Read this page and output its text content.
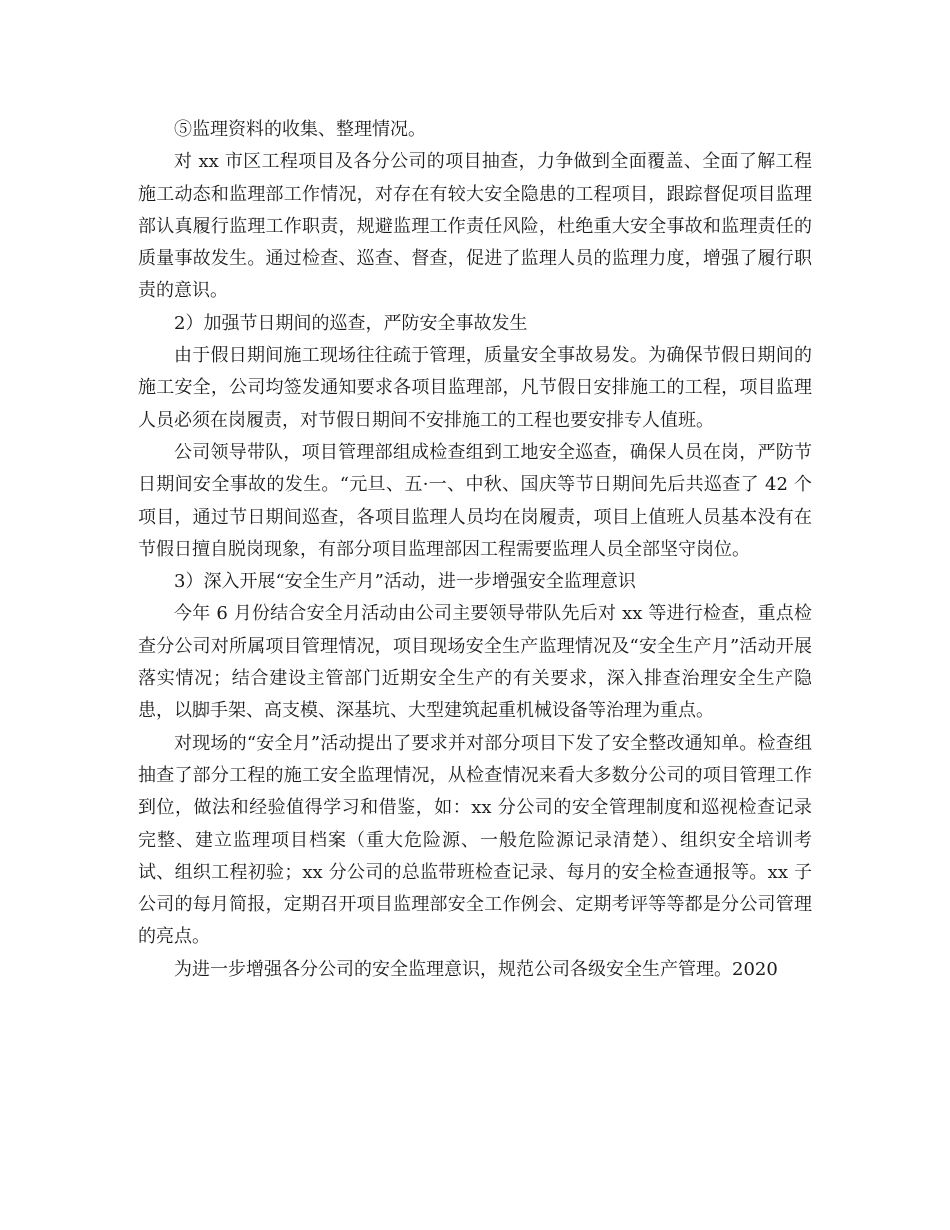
⑤监理资料的收集、整理情况。

对 xx 市区工程项目及各分公司的项目抽查，力争做到全面覆盖、全面了解工程施工动态和监理部工作情况，对存在有较大安全隐患的工程项目，跟踪督促项目监理部认真履行监理工作职责，规避监理工作责任风险，杜绝重大安全事故和监理责任的质量事故发生。通过检查、巡查、督查，促进了监理人员的监理力度，增强了履行职责的意识。

2）加强节日期间的巡查，严防安全事故发生

由于假日期间施工现场往往疏于管理，质量安全事故易发。为确保节假日期间的施工安全，公司均签发通知要求各项目监理部，凡节假日安排施工的工程，项目监理人员必须在岗履责，对节假日期间不安排施工的工程也要安排专人值班。

公司领导带队，项目管理部组成检查组到工地安全巡查，确保人员在岗，严防节日期间安全事故的发生。“元旦、五·一、中秋、国庆等节日期间先后共巡查了 42 个项目，通过节日期间巡查，各项目监理人员均在岗履责，项目上值班人员基本没有在节假日擅自脱岗现象，有部分项目监理部因工程需要监理人员全部坚守岗位。

3）深入开展“安全生产月”活动，进一步增强安全监理意识

今年 6 月份结合安全月活动由公司主要领导带队先后对 xx 等进行检查，重点检查分公司对所属项目管理情况，项目现场安全生产监理情况及“安全生产月”活动开展落实情况；结合建设主管部门近期安全生产的有关要求，深入排查治理安全生产隐患，以脚手架、高支模、深基坑、大型建筑起重机械设备等治理为重点。

对现场的“安全月”活动提出了要求并对部分项目下发了安全整改通知单。检查组抽查了部分工程的施工安全监理情况，从检查情况来看大多数分公司的项目管理工作到位，做法和经验值得学习和借鉴，如：xx 分公司的安全管理制度和巡视检查记录完整、建立监理项目档案（重大危险源、一般危险源记录清楚）、组织安全培训考试、组织工程初验；xx 分公司的总监带班检查记录、每月的安全检查通报等。xx 子公司的每月简报，定期召开项目监理部安全工作例会、定期考评等等都是分公司管理的亮点。

为进一步增强各分公司的安全监理意识，规范公司各级安全生产管理。2020
